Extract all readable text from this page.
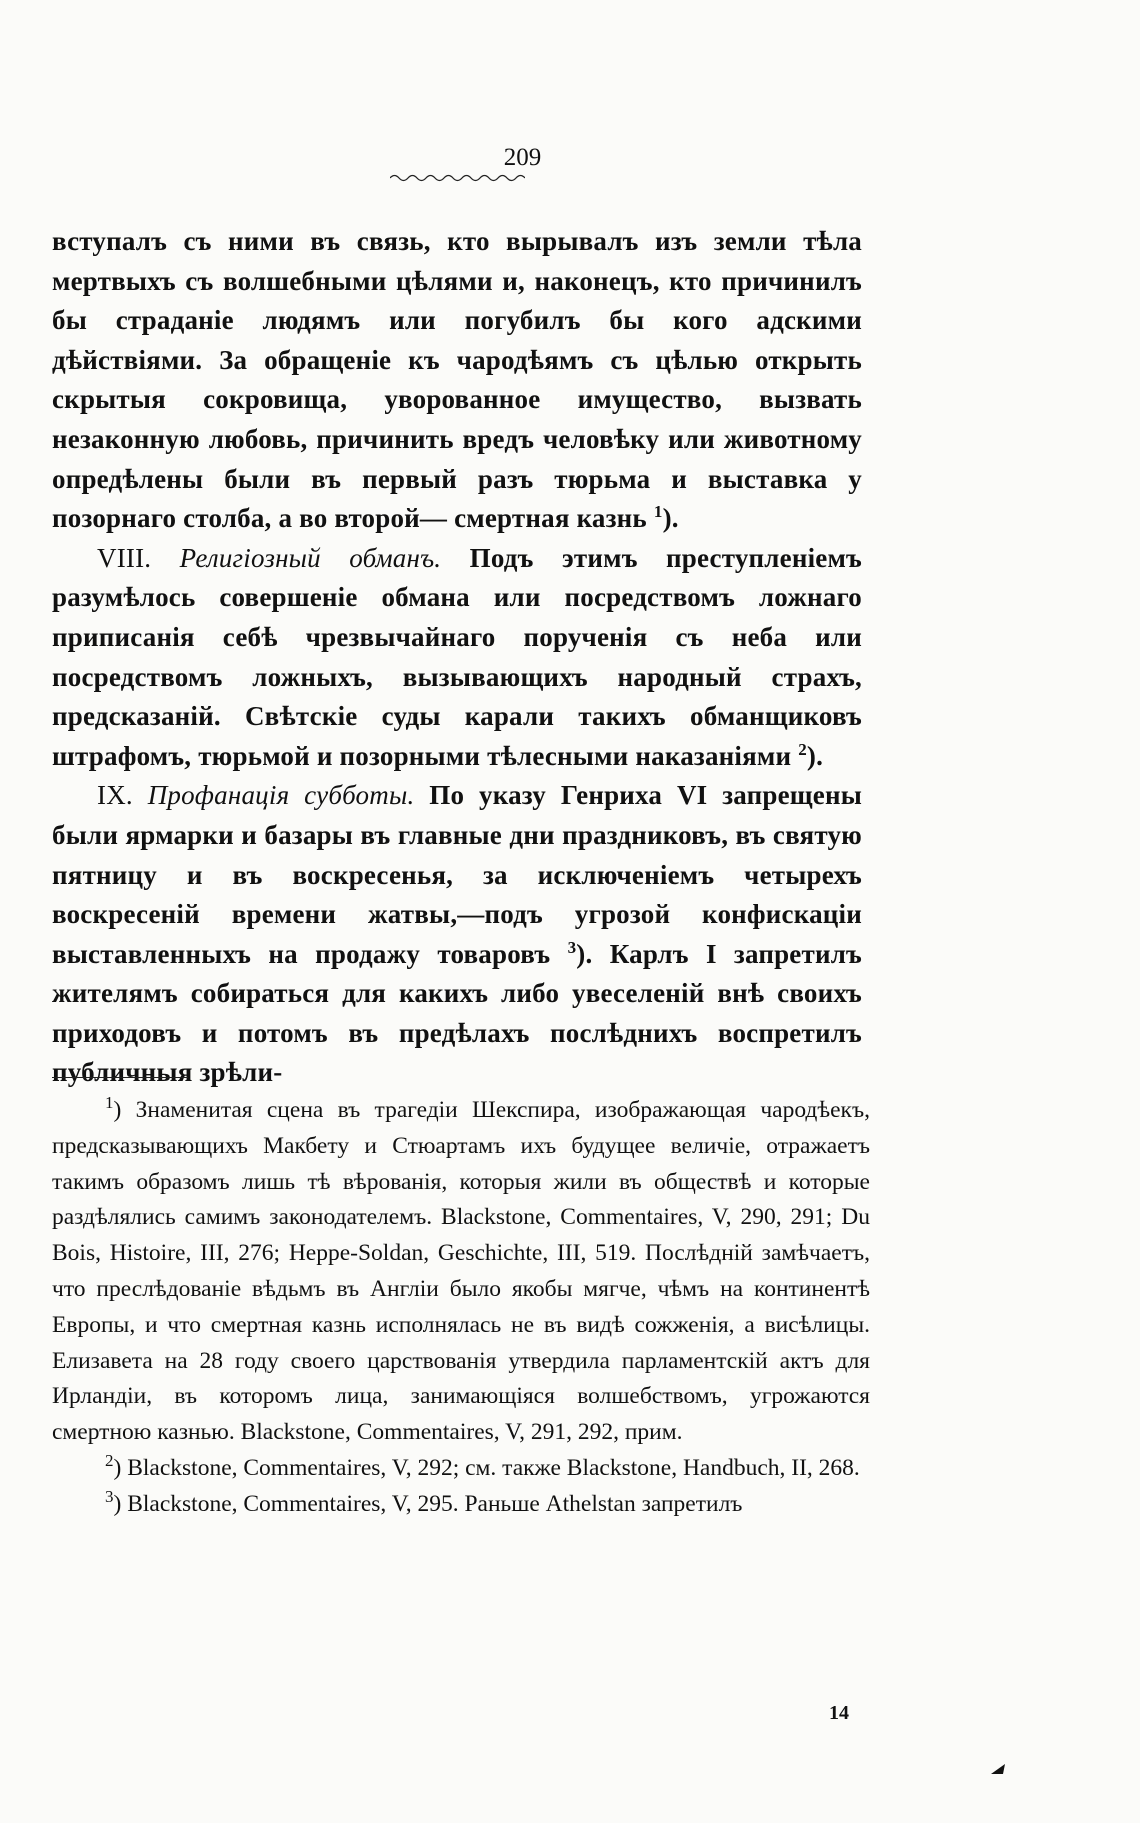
209

вступалъ съ ними въ связь, кто вырывалъ изъ земли тѣла мертвыхъ съ волшебными цѣлями и, наконецъ, кто причинилъ бы страданіе людямъ или погубилъ бы кого адскими дѣйствіями. За обращеніе къ чародѣямъ съ цѣлью открыть скрытыя сокровища, уворованное имущество, вызвать незаконную любовь, причинить вредъ человѣку или животному опредѣлены были въ первый разъ тюрьма и выставка у позорнаго столба, а во второй— смертная казнь $^1$).

VIII. Религіозный обманъ. Подъ этимъ преступленіемъ разумѣлось совершеніе обмана или посредствомъ ложнаго приписанія себѣ чрезвычайнаго порученія съ неба или посредствомъ ложныхъ, вызывающихъ народный страхъ, предсказаній. Свѣтскіе суды карали такихъ обманщиковъ штрафомъ, тюрьмой и позорными тѣлесными наказаніями $^2$).

IX. Профанація субботы. По указу Генриха VI запрещены были ярмарки и базары въ главные дни праздниковъ, въ святую пятницу и въ воскресенья, за исключеніемъ четырехъ воскресеній времени жатвы,—подъ угрозой конфискаціи выставленныхъ на продажу товаровъ $^3$). Карлъ I запретилъ жителямъ собираться для какихъ либо увеселеній внѣ своихъ приходовъ и потомъ въ предѣлахъ послѣднихъ воспретилъ публичныя зрѣли-

$^1$) Знаменитая сцена въ трагедіи Шекспира, изображающая чародѣекъ, предсказывающихъ Макбету и Стюартамъ ихъ будущее величіе, отражаетъ такимъ образомъ лишь тѣ вѣрованія, которыя жили въ обществѣ и которые раздѣлялись самимъ законодателемъ. Blackstone, Commentaires, V, 290, 291; Du Bois, Histoire, III, 276; Heppe-Soldan, Geschichte, III, 519. Послѣдній замѣчаетъ, что преслѣдованіе вѣдьмъ въ Англіи было якобы мягче, чѣмъ на континентѣ Европы, и что смертная казнь исполнялась не въ видѣ сожженія, а висѣлицы. Елизавета на 28 году своего царствованія утвердила парламентскій актъ для Ирландіи, въ которомъ лица, занимающіяся волшебствомъ, угрожаются смертною казнью. Blackstone, Commentaires, V, 291, 292, прим.

$^2$) Blackstone, Commentaires, V, 292; см. также Blackstone, Handbuch, II, 268.

$^3$) Blackstone, Commentaires, V, 295. Раньше Athelstan запретилъ

14
